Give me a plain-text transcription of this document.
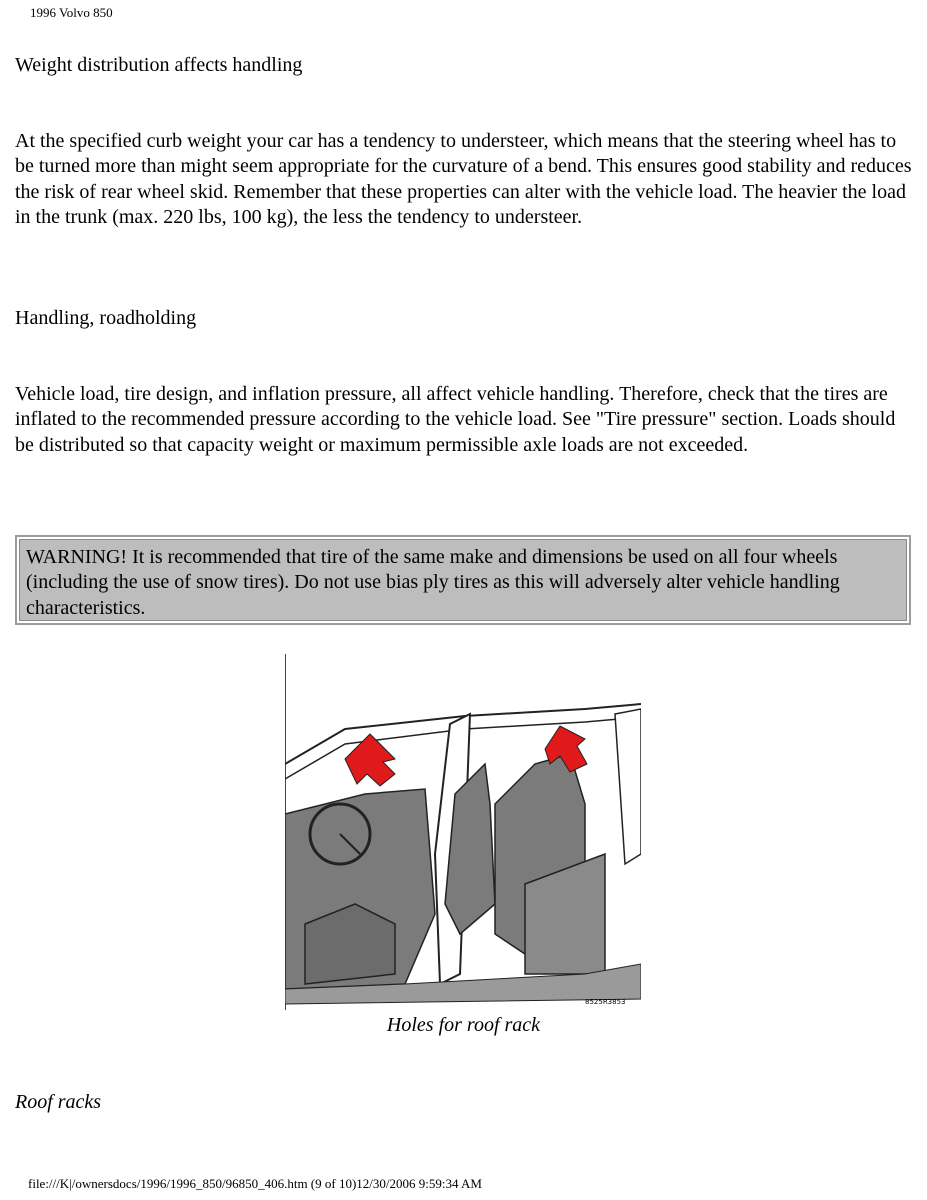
1996 Volvo 850
Weight distribution affects handling
At the specified curb weight your car has a tendency to understeer, which means that the steering wheel has to be turned more than might seem appropriate for the curvature of a bend. This ensures good stability and reduces the risk of rear wheel skid. Remember that these properties can alter with the vehicle load. The heavier the load in the trunk (max. 220 lbs, 100 kg), the less the tendency to understeer.
Handling, roadholding
Vehicle load, tire design, and inflation pressure, all affect vehicle handling. Therefore, check that the tires are inflated to the recommended pressure according to the vehicle load. See "Tire pressure" section. Loads should be distributed so that capacity weight or maximum permissible axle loads are not exceeded.
WARNING! It is recommended that tire of the same make and dimensions be used on all four wheels (including the use of snow tires). Do not use bias ply tires as this will adversely alter vehicle handling characteristics.
8525R3853
Holes for roof rack
Roof racks
file:///K|/ownersdocs/1996/1996_850/96850_406.htm (9 of 10)12/30/2006 9:59:34 AM
